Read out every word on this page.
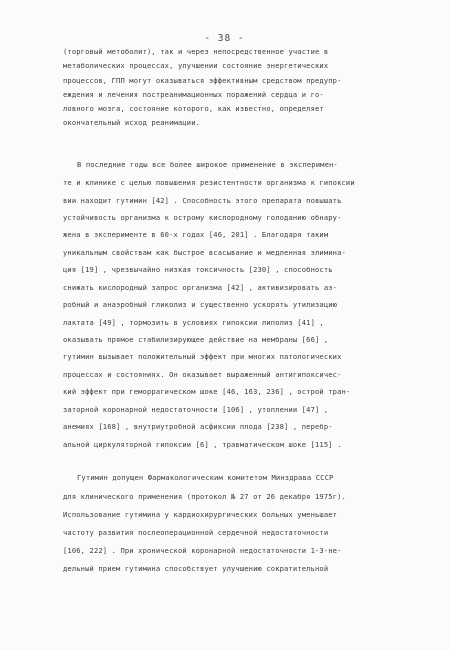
- 38 -
(торговый метоболит), так и через непосредственное участие в
метаболических процессах, улучшении состояние энергетических
процессов, ГПП могут оказываться эффективным средством предупр-
еждения и лечения постреанимационных поражений сердца и го-
ловного мозга, состояние которого, как известно, определяет
окончательный исход реанимации.
В последние годы все более широкое применение в эксперимен-
те и клинике с целью повышения резистентности организма к гипоксии
вии находит гутимин [42] . Способность этого препарата повышать
устойчивость организма к острому кислородному голоданию обнару-
жена в эксперименте в 60-х годах [46, 201] . Благодаря таким
уникальным свойствам как быстрое всасывание и медленная элимина-
ция [19] , чрезвычайно низкая токсичность [230] , способность
снижать кислородный запрос организма [42] , активизировать аэ-
робный и анаэробный гликолиз и существенно ускорять утилизацию
лактата [49] , тормозить в условиях гипоксии липолиз [41] ,
оказывать прямое стабилизирующее действие на мембраны [66] ,
гутимин вызывает положительный эффект при многих патологических
процессах и состояниях. Он оказывает выраженный антигипоксичес-
кий эффект при геморрагическом шоке [46, 163, 236] , острой тран-
заторной коронарной недостаточности [106] , утоплении [47] ,
анемиях [168] , внутриутробной асфиксии плода [238] , перебр-
альной циркуляторной гипоксии [6] , травматическом шоке [115] .
Гутимин допущен Фармакологическим комитетом Минздрава СССР
для клинического применения (протокол № 27 от 26 декабря 1975г).
Использование гутимина у кардиохирургических больных уменьшает
частоту развития послеоперационной сердечной недостаточности
[106, 222] . При хронической коронарной недостаточности 1-3-не-
дельный прием гутимина способствует улучшению сократительной
